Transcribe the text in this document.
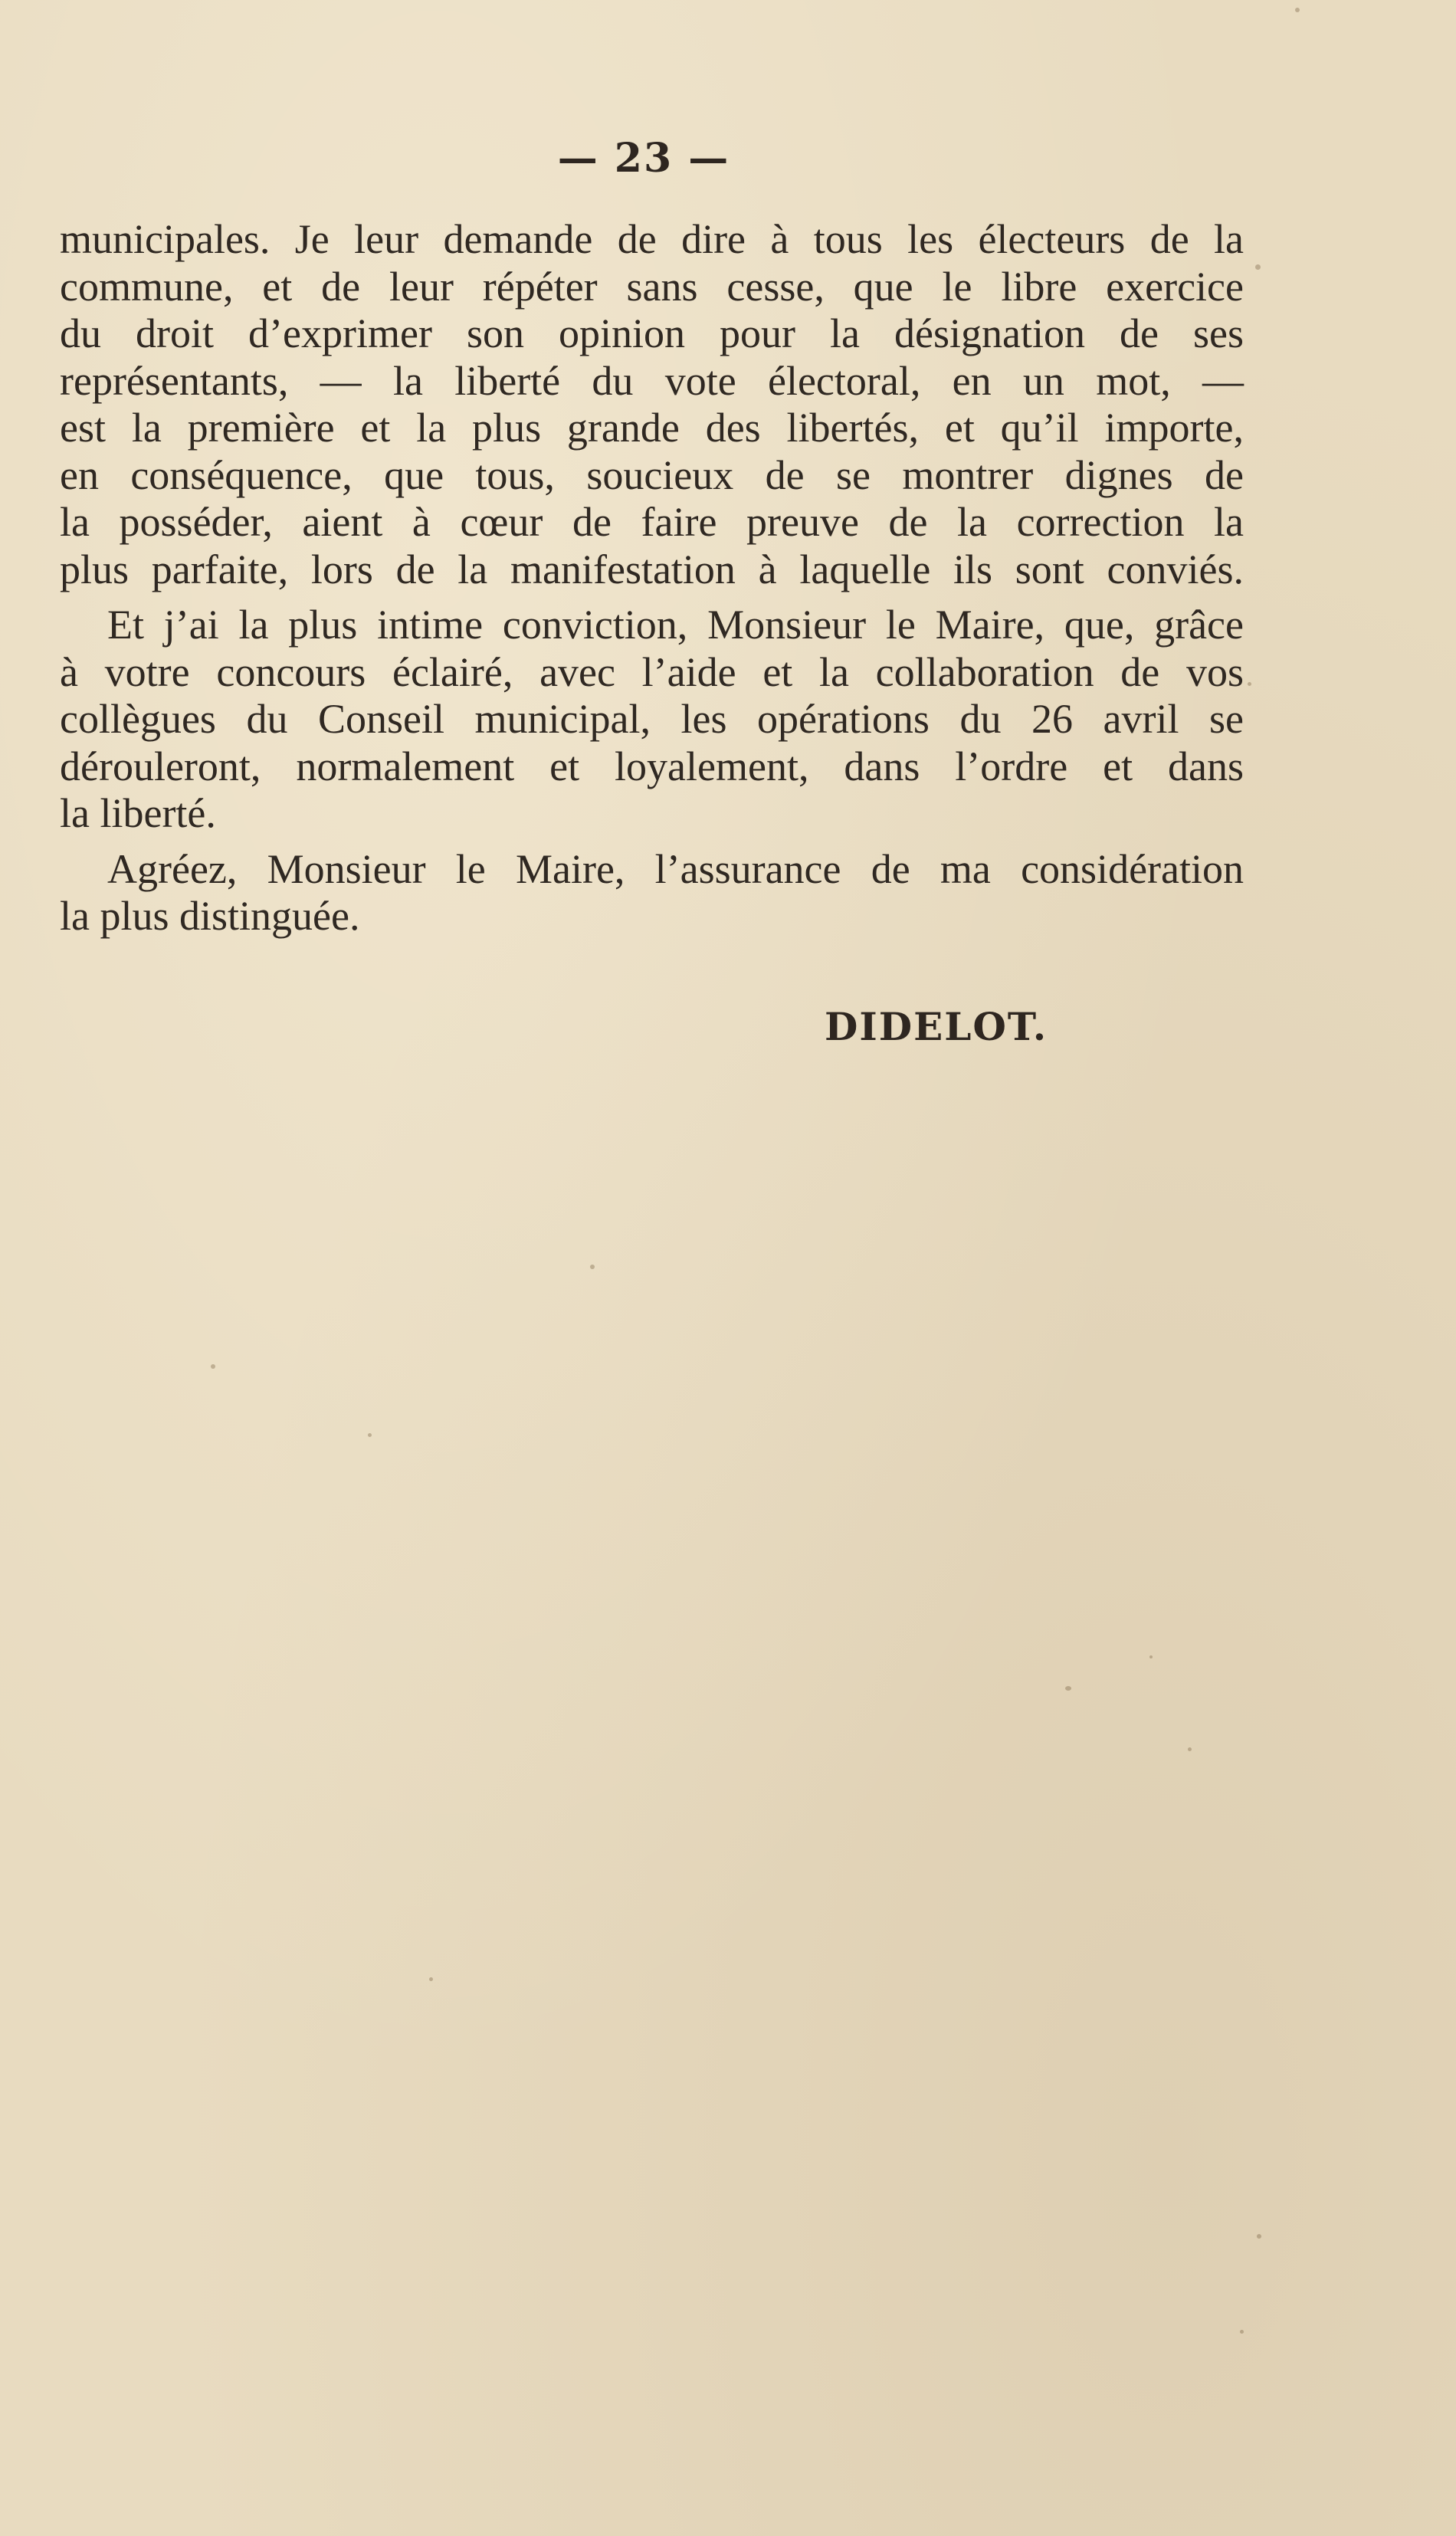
— 23 —
municipales. Je leur demande de dire à tous les électeurs de la
commune, et de leur répéter sans cesse, que le libre exercice
du droit d’exprimer son opinion pour la désignation de ses
représentants, — la liberté du vote électoral, en un mot, —
est la première et la plus grande des libertés, et qu’il importe,
en conséquence, que tous, soucieux de se montrer dignes de
la posséder, aient à cœur de faire preuve de la correction la
plus parfaite, lors de la manifestation à laquelle ils sont conviés.
Et j’ai la plus intime conviction, Monsieur le Maire, que, grâce
à votre concours éclairé, avec l’aide et la collaboration de vos
collègues du Conseil municipal, les opérations du 26 avril se
dérouleront, normalement et loyalement, dans l’ordre et dans
la liberté.
Agréez, Monsieur le Maire, l’assurance de ma considération
la plus distinguée.
DIDELOT.
